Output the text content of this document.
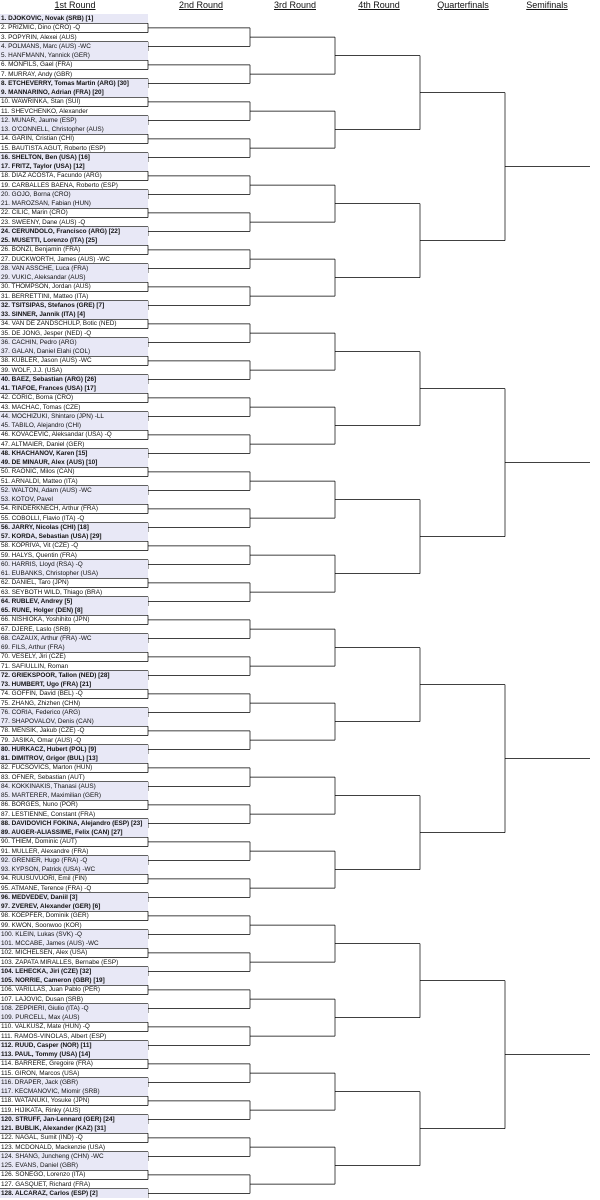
1st Round	2nd Round	3rd Round	4th Round	Quarterfinals	Semifinals
1. DJOKOVIC, Novak (SRB) [1]
2. PRIZMIC, Dino (CRO) -Q
3. POPYRIN, Alexei (AUS)
4. POLMANS, Marc (AUS) -WC
5. HANFMANN, Yannick (GER)
6. MONFILS, Gael (FRA)
7. MURRAY, Andy (GBR)
8. ETCHEVERRY, Tomas Martin (ARG) [30]
9. MANNARINO, Adrian (FRA) [20]
10. WAWRINKA, Stan (SUI)
11. SHEVCHENKO, Alexander
12. MUNAR, Jaume (ESP)
13. O'CONNELL, Christopher (AUS)
14. GARIN, Cristian (CHI)
15. BAUTISTA AGUT, Roberto (ESP)
16. SHELTON, Ben (USA) [16]
17. FRITZ, Taylor (USA) [12]
18. DIAZ ACOSTA, Facundo (ARG)
19. CARBALLES BAENA, Roberto (ESP)
20. GOJO, Borna (CRO)
21. MAROZSAN, Fabian (HUN)
22. CILIC, Marin (CRO)
23. SWEENY, Dane (AUS) -Q
24. CERUNDOLO, Francisco (ARG) [22]
25. MUSETTI, Lorenzo (ITA) [25]
26. BONZI, Benjamin (FRA)
27. DUCKWORTH, James (AUS) -WC
28. VAN ASSCHE, Luca (FRA)
29. VUKIC, Aleksandar (AUS)
30. THOMPSON, Jordan (AUS)
31. BERRETTINI, Matteo (ITA)
32. TSITSIPAS, Stefanos (GRE) [7]
33. SINNER, Jannik (ITA) [4]
34. VAN DE ZANDSCHULP, Botic (NED)
35. DE JONG, Jesper (NED) -Q
36. CACHIN, Pedro (ARG)
37. GALAN, Daniel Elahi (COL)
38. KUBLER, Jason (AUS) -WC
39. WOLF, J.J. (USA)
40. BAEZ, Sebastian (ARG) [26]
41. TIAFOE, Frances (USA) [17]
42. CORIC, Borna (CRO)
43. MACHAC, Tomas (CZE)
44. MOCHIZUKI, Shintaro (JPN) -LL
45. TABILO, Alejandro (CHI)
46. KOVACEVIC, Aleksandar (USA) -Q
47. ALTMAIER, Daniel (GER)
48. KHACHANOV, Karen [15]
49. DE MINAUR, Alex (AUS) [10]
50. RAONIC, Milos (CAN)
51. ARNALDI, Matteo (ITA)
52. WALTON, Adam (AUS) -WC
53. KOTOV, Pavel
54. RINDERKNECH, Arthur (FRA)
55. COBOLLI, Flavio (ITA) -Q
56. JARRY, Nicolas (CHI) [18]
57. KORDA, Sebastian (USA) [29]
58. KOPRIVA, Vit (CZE) -Q
59. HALYS, Quentin (FRA)
60. HARRIS, Lloyd (RSA) -Q
61. EUBANKS, Christopher (USA)
62. DANIEL, Taro (JPN)
63. SEYBOTH WILD, Thiago (BRA)
64. RUBLEV, Andrey [5]
65. RUNE, Holger (DEN) [8]
66. NISHIOKA, Yoshihito (JPN)
67. DJERE, Laslo (SRB)
68. CAZAUX, Arthur (FRA) -WC
69. FILS, Arthur (FRA)
70. VESELY, Jiri (CZE)
71. SAFIULLIN, Roman
72. GRIEKSPOOR, Tallon (NED) [28]
73. HUMBERT, Ugo (FRA) [21]
74. GOFFIN, David (BEL) -Q
75. ZHANG, Zhizhen (CHN)
76. CORIA, Federico (ARG)
77. SHAPOVALOV, Denis (CAN)
78. MENSIK, Jakub (CZE) -Q
79. JASIKA, Omar (AUS) -Q
80. HURKACZ, Hubert (POL) [9]
81. DIMITROV, Grigor (BUL) [13]
82. FUCSOVICS, Marton (HUN)
83. OFNER, Sebastian (AUT)
84. KOKKINAKIS, Thanasi (AUS)
85. MARTERER, Maximilian (GER)
86. BORGES, Nuno (POR)
87. LESTIENNE, Constant (FRA)
88. DAVIDOVICH FOKINA, Alejandro (ESP) [23]
89. AUGER-ALIASSIME, Felix (CAN) [27]
90. THIEM, Dominic (AUT)
91. MULLER, Alexandre (FRA)
92. GRENIER, Hugo (FRA) -Q
93. KYPSON, Patrick (USA) -WC
94. RUUSUVUORI, Emil (FIN)
95. ATMANE, Terence (FRA) -Q
96. MEDVEDEV, Daniil [3]
97. ZVEREV, Alexander (GER) [6]
98. KOEPFER, Dominik (GER)
99. KWON, Soonwoo (KOR)
100. KLEIN, Lukas (SVK) -Q
101. MCCABE, James (AUS) -WC
102. MICHELSEN, Alex (USA)
103. ZAPATA MIRALLES, Bernabe (ESP)
104. LEHECKA, Jiri (CZE) [32]
105. NORRIE, Cameron (GBR) [19]
106. VARILLAS, Juan Pablo (PER)
107. LAJOVIC, Dusan (SRB)
108. ZEPPIERI, Giulio (ITA) -Q
109. PURCELL, Max (AUS)
110. VALKUSZ, Mate (HUN) -Q
111. RAMOS-VINOLAS, Albert (ESP)
112. RUUD, Casper (NOR) [11]
113. PAUL, Tommy (USA) [14]
114. BARRERE, Gregoire (FRA)
115. GIRON, Marcos (USA)
116. DRAPER, Jack (GBR)
117. KECMANOVIC, Miomir (SRB)
118. WATANUKI, Yosuke (JPN)
119. HIJIKATA, Rinky (AUS)
120. STRUFF, Jan-Lennard (GER) [24]
121. BUBLIK, Alexander (KAZ) [31]
122. NAGAL, Sumit (IND) -Q
123. MCDONALD, Mackenzie (USA)
124. SHANG, Juncheng (CHN) -WC
125. EVANS, Daniel (GBR)
126. SONEGO, Lorenzo (ITA)
127. GASQUET, Richard (FRA)
128. ALCARAZ, Carlos (ESP) [2]
